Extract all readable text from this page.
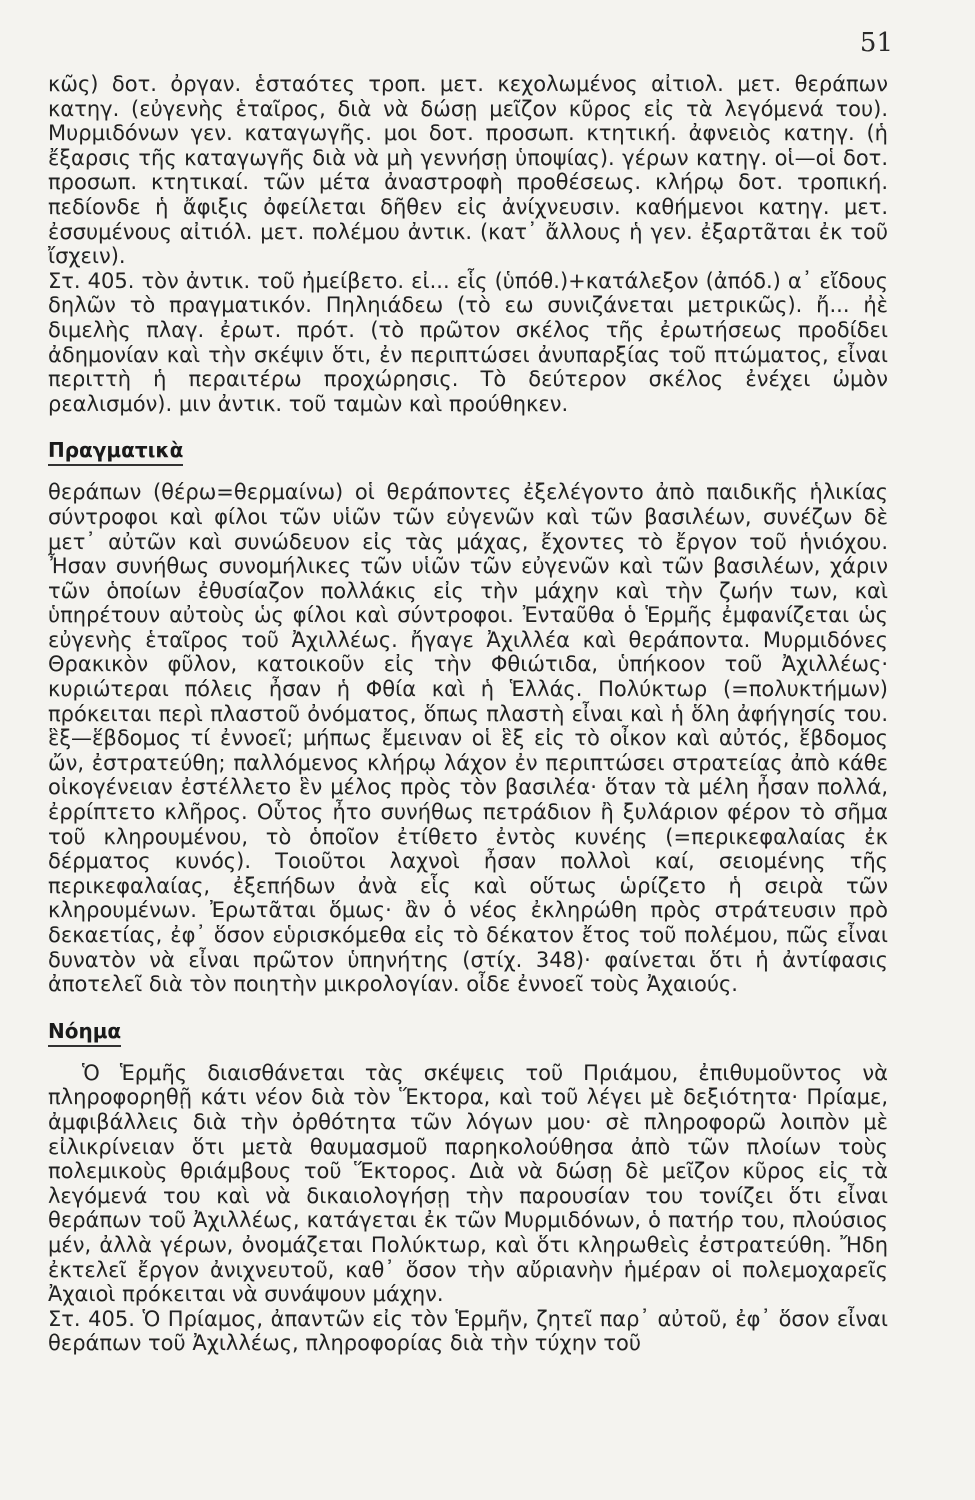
51

κῶς) δοτ. ὀργαν. ἑσταότες τροπ. μετ. κεχολωμένος αἰτιολ. μετ. θεράπων κατηγ. (εὐγενὴς ἑταῖρος, διὰ νὰ δώσῃ μεῖζον κῦρος εἰς τὰ λεγόμενά του). Μυρμιδόνων γεν. καταγωγῆς. μοι δοτ. προσωπ. κτητική. ἀφνειὸς κατηγ. (ἡ ἔξαρσις τῆς καταγωγῆς διὰ νὰ μὴ γεννήσῃ ὑποψίας). γέρων κατηγ. οἱ—οἱ δοτ. προσωπ. κτητικαί. τῶν μέτα ἀναστροφὴ προθέσεως. κλήρῳ δοτ. τροπική. πεδίονδε ἡ ἄφιξις ὀφείλεται δῆθεν εἰς ἀνίχνευσιν. καθήμενοι κατηγ. μετ. ἐσσυμένους αἰτιόλ. μετ. πολέμου ἀντικ. (κατ᾽ ἄλλους ἡ γεν. ἐξαρτᾶται ἐκ τοῦ ἴσχειν).

Στ. 405. τὸν ἀντικ. τοῦ ἠμείβετο. εἰ... εἷς (ὑπόθ.)+κατάλεξον (ἀπόδ.) α᾽ εἴδους δηλῶν τὸ πραγματικόν. Πηληιάδεω (τὸ εω συνιζάνεται μετρικῶς). ἤ... ἠὲ διμελὴς πλαγ. ἐρωτ. πρότ. (τὸ πρῶτον σκέλος τῆς ἐρωτήσεως προδίδει ἀδημονίαν καὶ τὴν σκέψιν ὅτι, ἐν περιπτώσει ἀνυπαρξίας τοῦ πτώματος, εἶναι περιττὴ ἡ περαιτέρω προχώρησις. Τὸ δεύτερον σκέλος ἐνέχει ὠμὸν ρεαλισμόν). μιν ἀντικ. τοῦ ταμὼν καὶ προύθηκεν.

Πραγματικὰ

θεράπων (θέρω=θερμαίνω) οἱ θεράποντες ἐξελέγοντο ἀπὸ παιδικῆς ἡλικίας σύντροφοι καὶ φίλοι τῶν υἱῶν τῶν εὐγενῶν καὶ τῶν βασιλέων, συνέζων δὲ μετ᾽ αὐτῶν καὶ συνώδευον εἰς τὰς μάχας, ἔχοντες τὸ ἔργον τοῦ ἡνιόχου. Ἦσαν συνήθως συνομήλικες τῶν υἱῶν τῶν εὐγενῶν καὶ τῶν βασιλέων, χάριν τῶν ὁποίων ἐθυσίαζον πολλάκις εἰς τὴν μάχην καὶ τὴν ζωήν των, καὶ ὑπηρέτουν αὐτοὺς ὡς φίλοι καὶ σύντροφοι. Ἐνταῦθα ὁ Ἑρμῆς ἐμφανίζεται ὡς εὐγενὴς ἑταῖρος τοῦ Ἀχιλλέως. ἤγαγε Ἀχιλλέα καὶ θεράποντα. Μυρμιδόνες Θρακικὸν φῦλον, κατοικοῦν εἰς τὴν Φθιώτιδα, ὑπήκοον τοῦ Ἀχιλλέως· κυριώτεραι πόλεις ἦσαν ἡ Φθία καὶ ἡ Ἑλλάς. Πολύκτωρ (=πολυκτήμων) πρόκειται περὶ πλαστοῦ ὀνόματος, ὅπως πλαστὴ εἶναι καὶ ἡ ὅλη ἀφήγησίς του. ἓξ—ἕβδομος τί ἐννοεῖ; μήπως ἔμειναν οἱ ἓξ εἰς τὸ οἶκον καὶ αὐτός, ἕβδομος ὤν, ἐστρατεύθη; παλλόμενος κλήρῳ λάχον ἐν περιπτώσει στρατείας ἀπὸ κάθε οἰκογένειαν ἐστέλλετο ἓν μέλος πρὸς τὸν βασιλέα· ὅταν τὰ μέλη ἦσαν πολλά, ἐρρίπτετο κλῆρος. Οὗτος ἦτο συνήθως πετράδιον ἢ ξυλάριον φέρον τὸ σῆμα τοῦ κληρουμένου, τὸ ὁποῖον ἐτίθετο ἐντὸς κυνέης (=περικεφαλαίας ἐκ δέρματος κυνός). Τοιοῦτοι λαχνοὶ ἦσαν πολλοὶ καί, σειομένης τῆς περικεφαλαίας, ἐξεπήδων ἀνὰ εἷς καὶ οὕτως ὡρίζετο ἡ σειρὰ τῶν κληρουμένων. Ἐρωτᾶται ὅμως· ἂν ὁ νέος ἐκληρώθη πρὸς στράτευσιν πρὸ δεκαετίας, ἐφ᾽ ὅσον εὑρισκόμεθα εἰς τὸ δέκατον ἔτος τοῦ πολέμου, πῶς εἶναι δυνατὸν νὰ εἶναι πρῶτον ὑπηνήτης (στίχ. 348)· φαίνεται ὅτι ἡ ἀντίφασις ἀποτελεῖ διὰ τὸν ποιητὴν μικρολογίαν. οἶδε ἐννοεῖ τοὺς Ἀχαιούς.

Νόημα

Ὁ Ἑρμῆς διαισθάνεται τὰς σκέψεις τοῦ Πριάμου, ἐπιθυμοῦντος νὰ πληροφορηθῇ κάτι νέον διὰ τὸν Ἕκτορα, καὶ τοῦ λέγει μὲ δεξιότητα· Πρίαμε, ἀμφιβάλλεις διὰ τὴν ὀρθότητα τῶν λόγων μου· σὲ πληροφορῶ λοιπὸν μὲ εἰλικρίνειαν ὅτι μετὰ θαυμασμοῦ παρηκολούθησα ἀπὸ τῶν πλοίων τοὺς πολεμικοὺς θριάμβους τοῦ Ἕκτορος. Διὰ νὰ δώσῃ δὲ μεῖζον κῦρος εἰς τὰ λεγόμενά του καὶ νὰ δικαιολογήσῃ τὴν παρουσίαν του τονίζει ὅτι εἶναι θεράπων τοῦ Ἀχιλλέως, κατάγεται ἐκ τῶν Μυρμιδόνων, ὁ πατήρ του, πλούσιος μέν, ἀλλὰ γέρων, ὀνομάζεται Πολύκτωρ, καὶ ὅτι κληρωθεὶς ἐστρατεύθη. Ἤδη ἐκτελεῖ ἔργον ἀνιχνευτοῦ, καθ᾽ ὅσον τὴν αὔριανὴν ἡμέραν οἱ πολεμοχαρεῖς Ἀχαιοὶ πρόκειται νὰ συνάψουν μάχην.

Στ. 405. Ὁ Πρίαμος, ἀπαντῶν εἰς τὸν Ἑρμῆν, ζητεῖ παρ᾽ αὐτοῦ, ἐφ᾽ ὅσον εἶναι θεράπων τοῦ Ἀχιλλέως, πληροφορίας διὰ τὴν τύχην τοῦ
